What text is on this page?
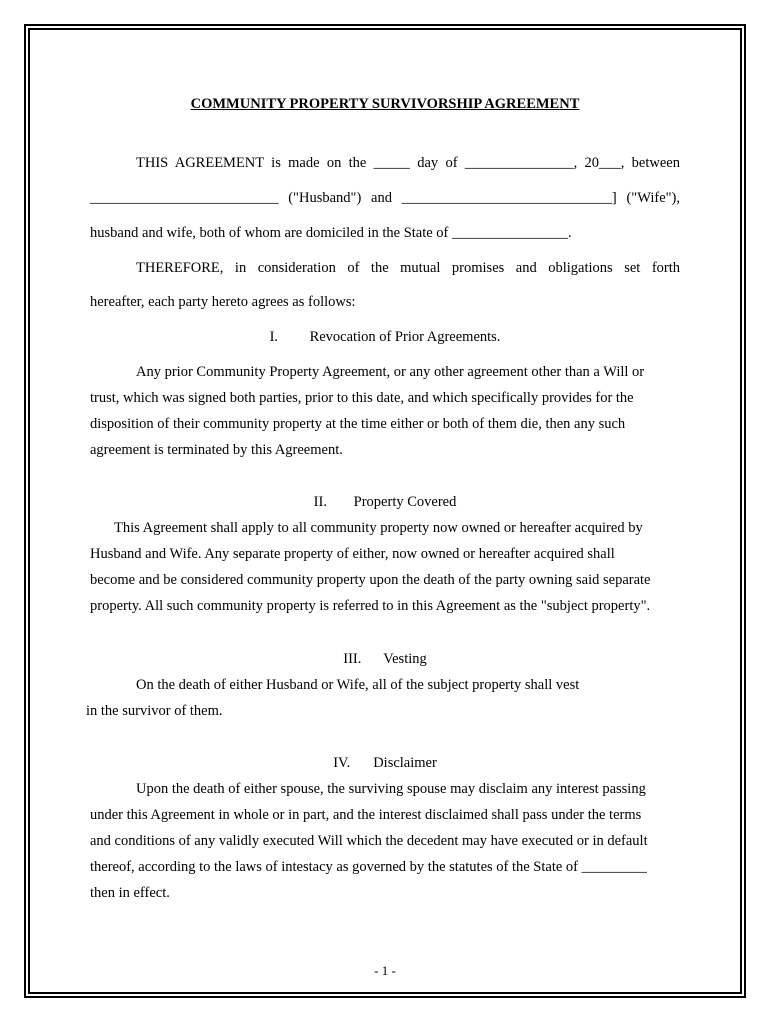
COMMUNITY PROPERTY SURVIVORSHIP AGREEMENT
THIS AGREEMENT is made on the _____ day of _______________, 20___, between
__________________________ ("Husband") and _____________________________] ("Wife"),
husband and wife, both of whom are domiciled in the State of ________________.
THEREFORE, in consideration of the mutual promises and obligations set forth
hereafter, each party hereto agrees as follows:
I. Revocation of Prior Agreements.
Any prior Community Property Agreement, or any other agreement other than a Will or
trust, which was signed both parties, prior to this date, and which specifically provides for the
disposition of their community property at the time either or both of them die, then any such
agreement is terminated by this Agreement.
II. Property Covered
This Agreement shall apply to all community property now owned or hereafter acquired by
Husband and Wife. Any separate property of either, now owned or hereafter acquired shall
become and be considered community property upon the death of the party owning said separate
property. All such community property is referred to in this Agreement as the "subject property".
III. Vesting
On the death of either Husband or Wife, all of the subject property shall vest
in the survivor of them.
IV. Disclaimer
Upon the death of either spouse, the surviving spouse may disclaim any interest passing
under this Agreement in whole or in part, and the interest disclaimed shall pass under the terms
and conditions of any validly executed Will which the decedent may have executed or in default
thereof, according to the laws of intestacy as governed by the statutes of the State of _________
then in effect.
- 1 -
